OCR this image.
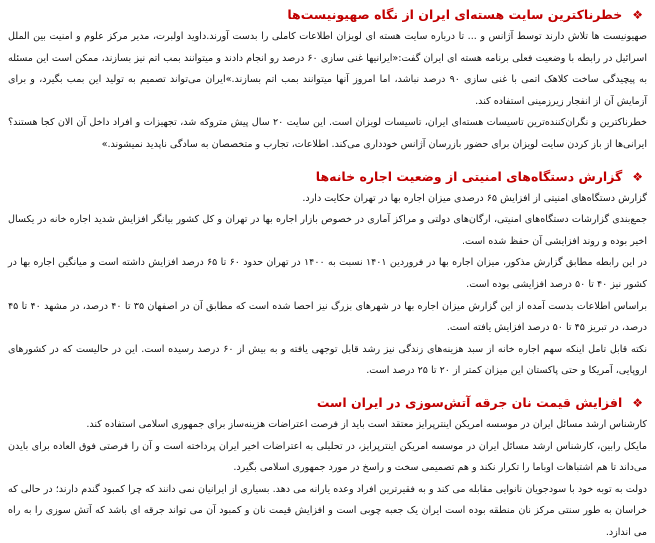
❖خطرناکترین سایت هسته‌ای ایران از نگاه صهیونیست‌ها

صهیونیست ها تلاش دارند توسط آژانس و ... تا درباره سایت هسته ای لویزان اطلاعات کاملی را بدست آورند.داوید اولبرت، مدیر مرکز علوم و امنیت بین الملل اسرائیل در رابطه با وضعیت فعلی برنامه هسته ای ایران گفت:«ایرانیها غنی سازی ۶۰ درصد رو انجام دادند و میتوانند بمب اتم نیز بسازند، ممکن است این مسئله به پیچیدگی ساخت کلاهک اتمی با غنی سازی ۹۰ درصد نباشد، اما امروز آنها میتوانند بمب اتم بسازند.»ایران می‌تواند تصمیم به تولید این بمب بگیرد، و برای آزمایش آن از انفجار زیرزمینی استفاده کند.

خطرناکترین و نگران‌کننده‌ترین تاسیسات هسته‌ای ایران، تاسیسات لویزان است. این سایت ۲۰ سال پیش متروکه شد، تجهیزات و افراد داخل آن الان کجا هستند؟ ایرانی‌ها از باز کردن سایت لویزان برای حضور بازرسان آژانس خودداری می‌کند. اطلاعات، تجارب و متخصصان به سادگی ناپدید نمیشوند.»

❖گزارش دستگاه‌های امنیتی از وضعیت اجاره خانه‌ها

گزارش دستگاه‌های امنیتی از افزایش ۶۵ درصدی میزان اجاره بها در تهران حکایت دارد.

جمع‌بندی گزارشات دستگاه‌های امنیتی، ارگان‌های دولتی و مراکز آماری در خصوص بازار اجاره بها در تهران و کل کشور بیانگر افزایش شدید اجاره خانه در یکسال اخیر بوده و روند افزایشی آن حفظ شده است.

در این رابطه مطابق گزارش مذکور، میزان اجاره بها در فروردین ۱۴۰۱ نسبت به ۱۴۰۰ در تهران حدود ۶۰ تا ۶۵ درصد افزایش داشته است و میانگین اجاره بها در کشور نیز ۴۰ تا ۵۰ درصد افزایشی بوده است.

براساس اطلاعات بدست آمده از این گزارش میزان اجاره بها در شهرهای بزرگ نیز احصا شده است که مطابق آن در اصفهان ۳۵ تا ۴۰ درصد، در مشهد ۴۰ تا ۴۵ درصد، در تبریز ۴۵ تا ۵۰ درصد افزایش یافته است.

نکته قابل تامل اینکه سهم اجاره خانه از سبد هزینه‌های زندگی نیز رشد قابل توجهی یافته و به بیش از ۶۰ درصد رسیده است. این در حالیست که در کشورهای اروپایی، آمریکا و حتی پاکستان این میزان کمتر از ۲۰ تا ۲۵ درصد است.

❖افزایش قیمت نان جرقه آتش‌سوزی در ایران است

کارشناس ارشد مسائل ایران در موسسه امریکن اینترپرایز معتقد است باید از فرصت اعتراضات هزینه‌ساز برای جمهوری اسلامی استفاده کند.

مایکل رابین، کارشناس ارشد مسائل ایران در موسسه امریکن اینترپرایز، در تحلیلی به اعتراضات اخیر ایران پرداخته است و آن را فرصتی فوق العاده برای بایدن می‌داند تا هم اشتباهات اوباما را تکرار نکند و هم تصمیمی سخت و راسخ در مورد جمهوری اسلامی بگیرد.

دولت به توبه خود با سودجویان نانوایی مقابله می کند و به فقیرترین افراد وعده یارانه می دهد. بسیاری از ایرانیان نمی دانند که چرا کمبود گندم دارند؛ در حالی که خراسان به طور سنتی مرکز نان منطقه بوده است ایران یک جعبه چوبی است و افزایش قیمت نان و کمبود آن می تواند جرقه ای باشد که آتش سوزی را به راه می اندازد.
